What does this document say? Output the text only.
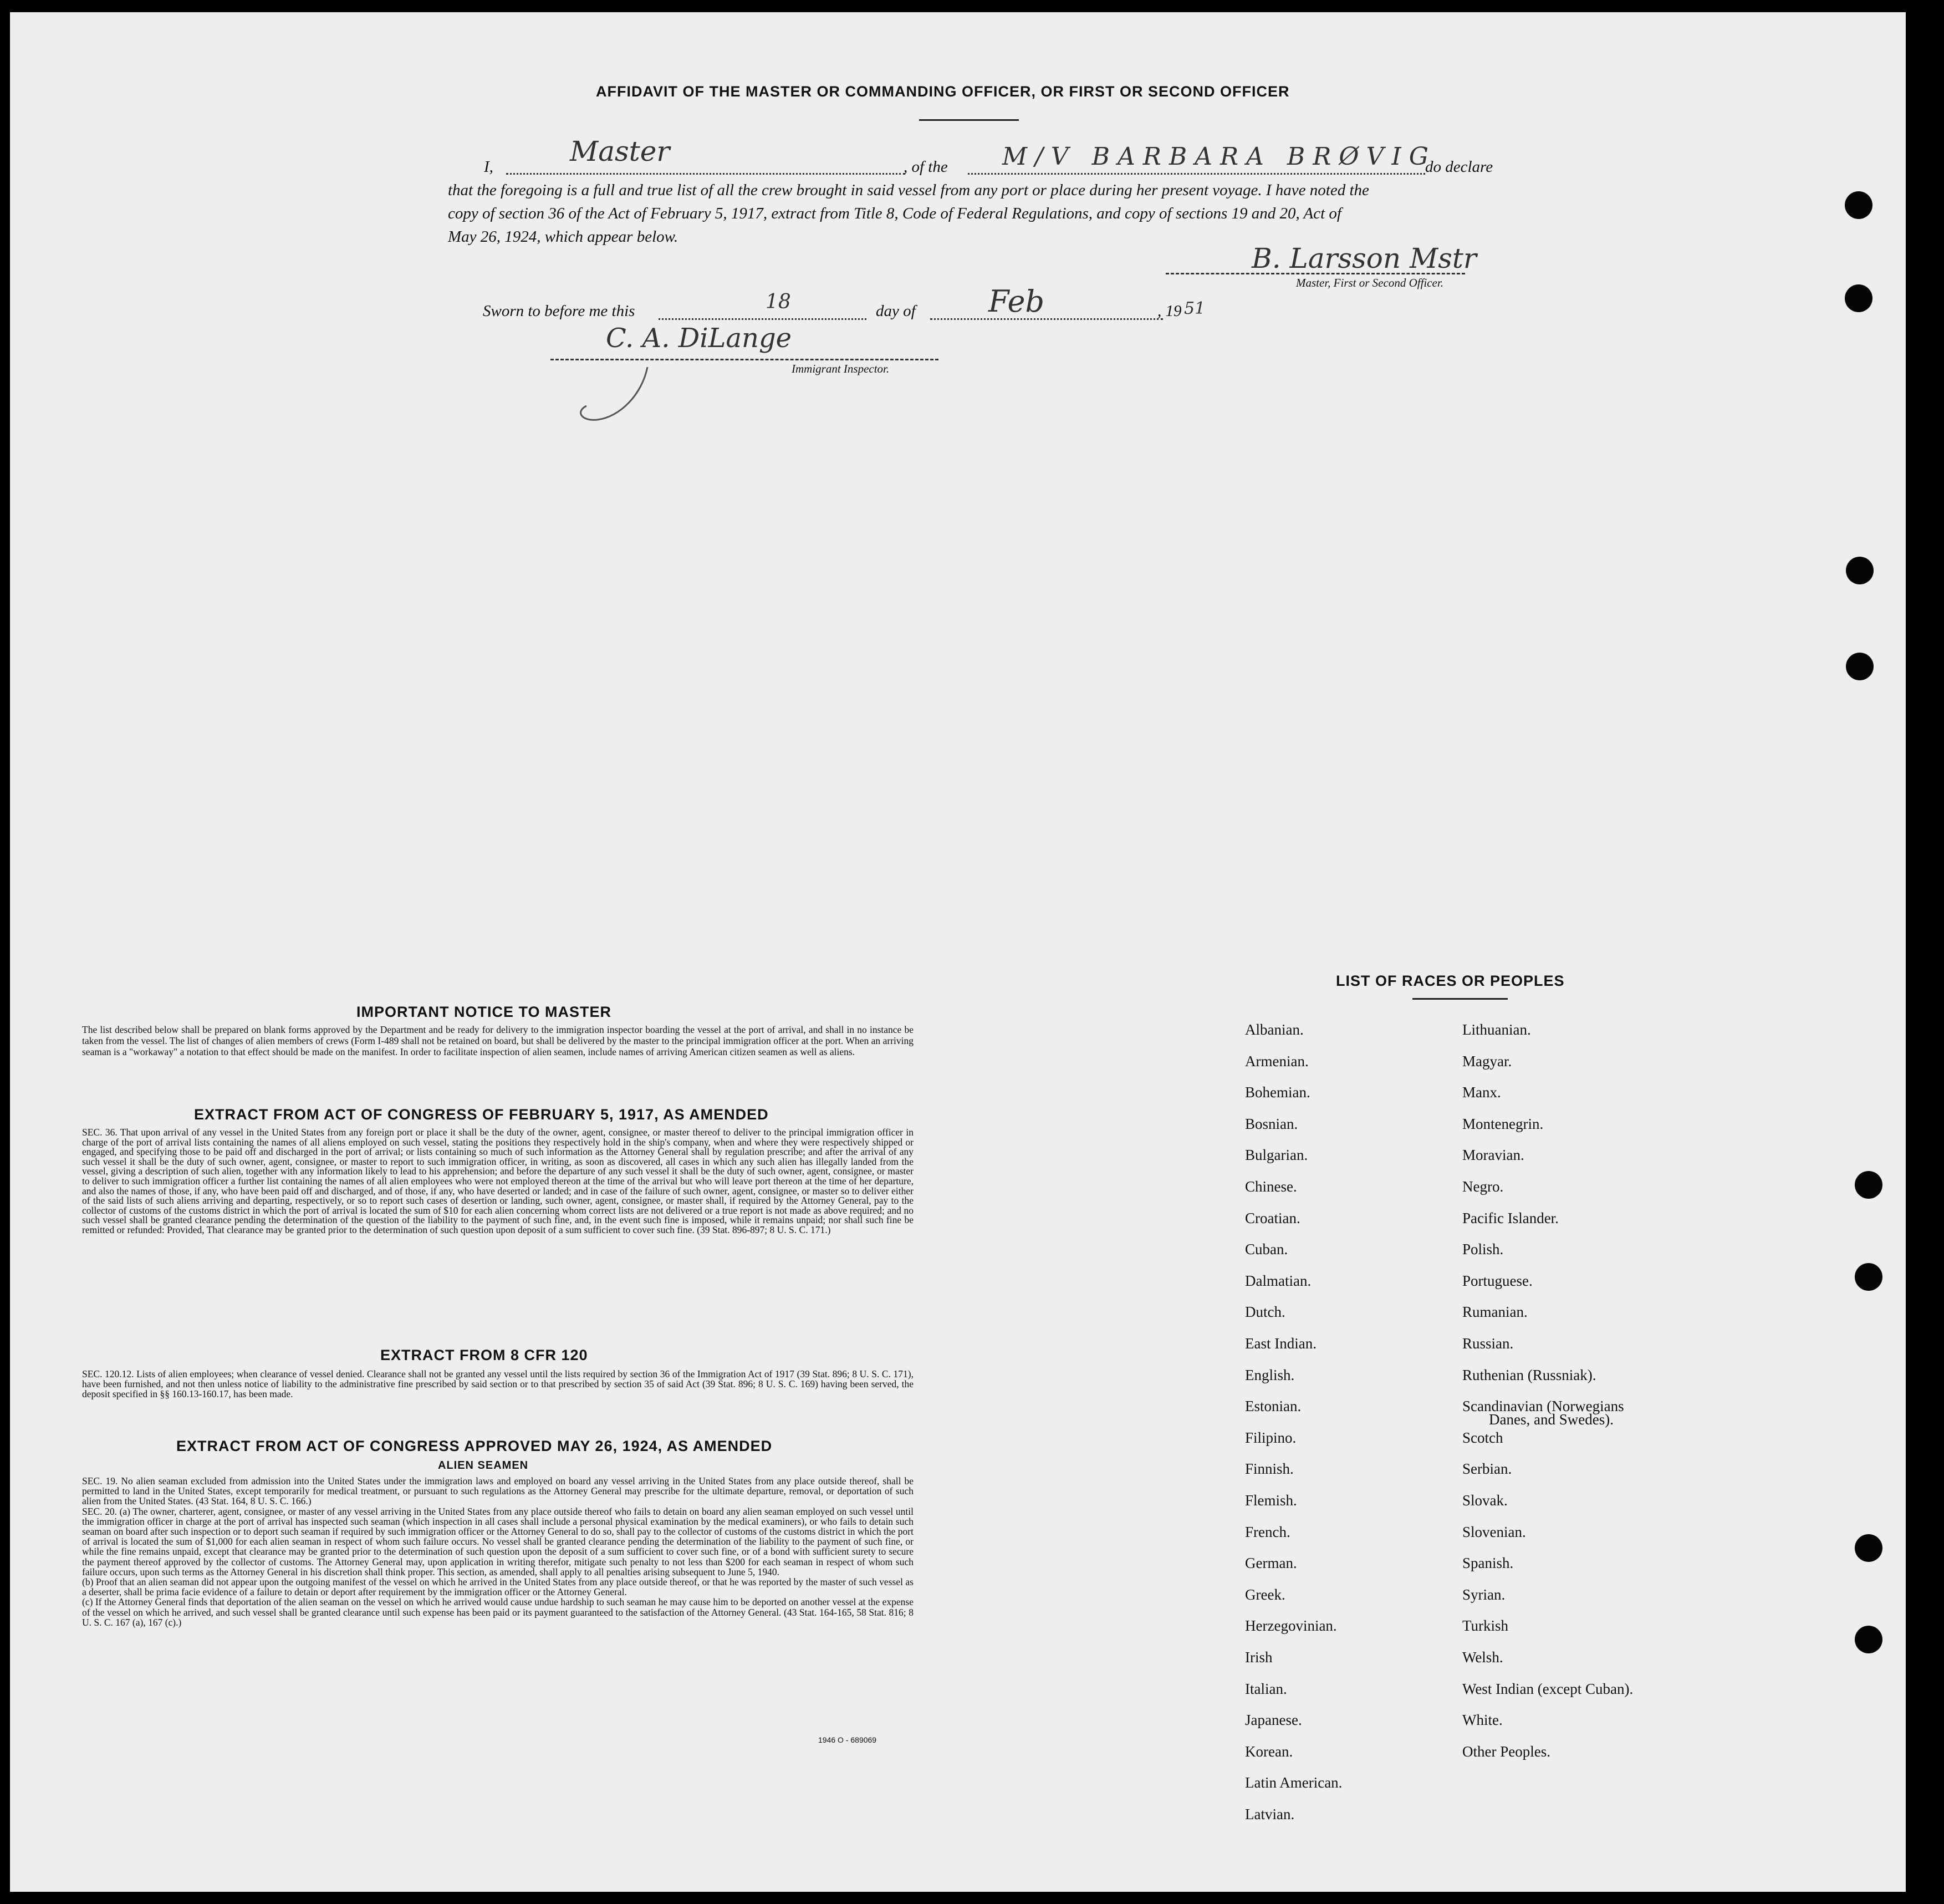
AFFIDAVIT OF THE MASTER OR COMMANDING OFFICER, OR FIRST OR SECOND OFFICER
I,	Master	, of the M/V BARBARA BRØVIG
do declare
that the foregoing is a full and true list of all the crew brought in said vessel from any port or place during her present voyage. I have noted the
copy of section 36 of the Act of February 5, 1917, extract from Title 8, Code of Federal Regulations, and copy of sections 19 and 20, Act of
May 26, 1924, which appear below.
B. Larsson Mstr
Master, First or Second Officer.
Sworn to before me this	18	day of Feb	, 19 51
C. A. DiLange
Immigrant Inspector.
IMPORTANT NOTICE TO MASTER
The list described below shall be prepared on blank forms approved by the Department and be ready for delivery to the immigration inspector boarding the vessel at the port of arrival, and shall in no instance be taken from the vessel. The list of changes of alien members of crews (Form I-489 shall not be retained on board, but shall be delivered by the master to the principal immigration officer at the port. When an arriving seaman is a "workaway" a notation to that effect should be made on the manifest. In order to facilitate inspection of alien seamen, include names of arriving American citizen seamen as well as aliens.
EXTRACT FROM ACT OF CONGRESS OF FEBRUARY 5, 1917, AS AMENDED
SEC. 36. That upon arrival of any vessel in the United States from any foreign port or place it shall be the duty of the owner, agent, consignee, or master thereof to deliver to the principal immigration officer in charge of the port of arrival lists containing the names of all aliens employed on such vessel, stating the positions they respectively hold in the ship's company, when and where they were respectively shipped or engaged, and specifying those to be paid off and discharged in the port of arrival; or lists containing so much of such information as the Attorney General shall by regulation prescribe; and after the arrival of any such vessel it shall be the duty of such owner, agent, consignee, or master to report to such immigration officer, in writing, as soon as discovered, all cases in which any such alien has illegally landed from the vessel, giving a description of such alien, together with any information likely to lead to his apprehension; and before the departure of any such vessel it shall be the duty of such owner, agent, consignee, or master to deliver to such immigration officer a further list containing the names of all alien employees who were not employed thereon at the time of the arrival but who will leave port thereon at the time of her departure, and also the names of those, if any, who have been paid off and discharged, and of those, if any, who have deserted or landed; and in case of the failure of such owner, agent, consignee, or master so to deliver either of the said lists of such aliens arriving and departing, respectively, or so to report such cases of desertion or landing, such owner, agent, consignee, or master shall, if required by the Attorney General, pay to the collector of customs of the customs district in which the port of arrival is located the sum of $10 for each alien concerning whom correct lists are not delivered or a true report is not made as above required; and no such vessel shall be granted clearance pending the determination of the question of the liability to the payment of such fine, and, in the event such fine is imposed, while it remains unpaid; nor shall such fine be remitted or refunded: Provided, That clearance may be granted prior to the determination of such question upon deposit of a sum sufficient to cover such fine. (39 Stat. 896-897; 8 U. S. C. 171.)
EXTRACT FROM 8 CFR 120
SEC. 120.12. Lists of alien employees; when clearance of vessel denied. Clearance shall not be granted any vessel until the lists required by section 36 of the Immigration Act of 1917 (39 Stat. 896; 8 U. S. C. 171), have been furnished, and not then unless notice of liability to the administrative fine prescribed by said section or to that prescribed by section 35 of said Act (39 Stat. 896; 8 U. S. C. 169) having been served, the deposit specified in §§ 160.13-160.17, has been made.
EXTRACT FROM ACT OF CONGRESS APPROVED MAY 26, 1924, AS AMENDED
ALIEN SEAMEN
SEC. 19. No alien seaman excluded from admission into the United States under the immigration laws and employed on board any vessel arriving in the United States from any place outside thereof, shall be permitted to land in the United States, except temporarily for medical treatment, or pursuant to such regulations as the Attorney General may prescribe for the ultimate departure, removal, or deportation of such alien from the United States. (43 Stat. 164, 8 U. S. C. 166.)
SEC. 20. (a) The owner, charterer, agent, consignee, or master of any vessel arriving in the United States from any place outside thereof who fails to detain on board any alien seaman employed on such vessel until the immigration officer in charge at the port of arrival has inspected such seaman (which inspection in all cases shall include a personal physical examination by the medical examiners), or who fails to detain such seaman on board after such inspection or to deport such seaman if required by such immigration officer or the Attorney General to do so, shall pay to the collector of customs of the customs district in which the port of arrival is located the sum of $1,000 for each alien seaman in respect of whom such failure occurs. No vessel shall be granted clearance pending the determination of the liability to the payment of such fine, or while the fine remains unpaid, except that clearance may be granted prior to the determination of such question upon the deposit of a sum sufficient to cover such fine, or of a bond with sufficient surety to secure the payment thereof approved by the collector of customs. The Attorney General may, upon application in writing therefor, mitigate such penalty to not less than $200 for each seaman in respect of whom such failure occurs, upon such terms as the Attorney General in his discretion shall think proper. This section, as amended, shall apply to all penalties arising subsequent to June 5, 1940.
(b) Proof that an alien seaman did not appear upon the outgoing manifest of the vessel on which he arrived in the United States from any place outside thereof, or that he was reported by the master of such vessel as a deserter, shall be prima facie evidence of a failure to detain or deport after requirement by the immigration officer or the Attorney General.
(c) If the Attorney General finds that deportation of the alien seaman on the vessel on which he arrived would cause undue hardship to such seaman he may cause him to be deported on another vessel at the expense of the vessel on which he arrived, and such vessel shall be granted clearance until such expense has been paid or its payment guaranteed to the satisfaction of the Attorney General. (43 Stat. 164-165, 58 Stat. 816; 8 U. S. C. 167 (a), 167 (c).)
1946 O - 689069
LIST OF RACES OR PEOPLES
Albanian.
Armenian.
Bohemian.
Bosnian.
Bulgarian.
Chinese.
Croatian.
Cuban.
Dalmatian.
Dutch.
East Indian.
English.
Estonian.
Filipino.
Finnish.
Flemish.
French.
German.
Greek.
Herzegovinian.
Irish
Italian.
Japanese.
Korean.
Latin American.
Latvian.
Lithuanian.
Magyar.
Manx.
Montenegrin.
Moravian.
Negro.
Pacific Islander.
Polish.
Portuguese.
Rumanian.
Russian.
Ruthenian (Russniak).
Scandinavian (Norwegians
Danes, and Swedes).
Scotch
Serbian.
Slovak.
Slovenian.
Spanish.
Syrian.
Turkish
Welsh.
West Indian (except Cuban).
White.
Other Peoples.
